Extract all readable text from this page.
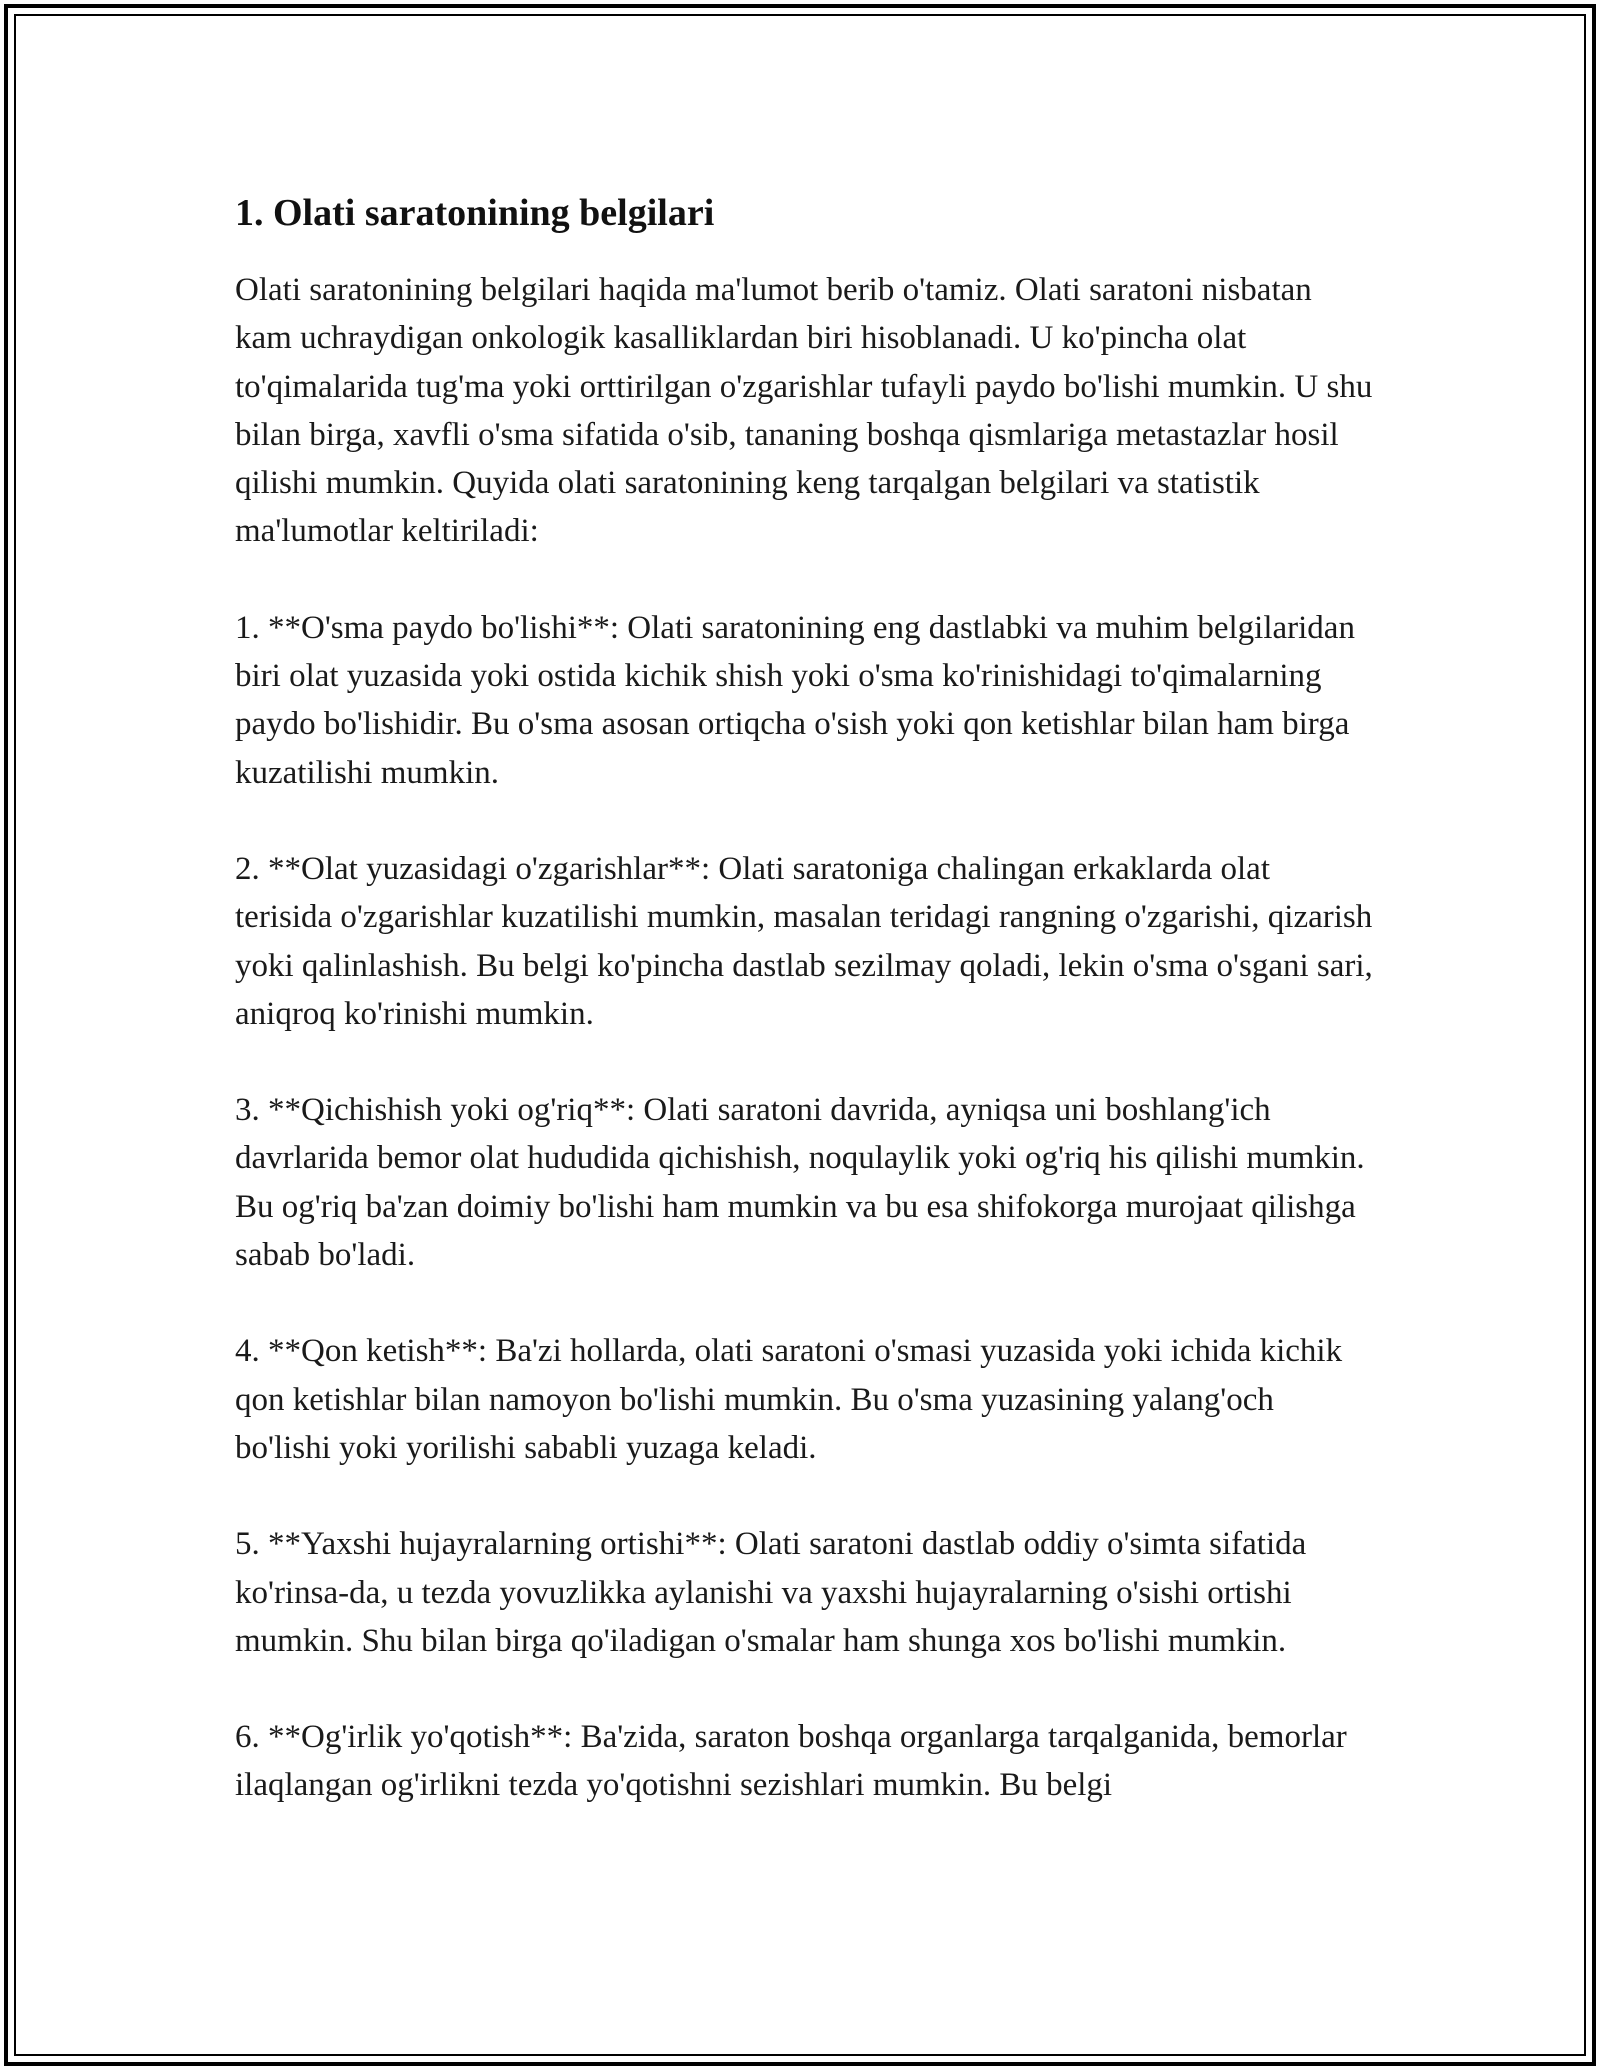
1. Olati saratonining belgilari

Olati saratonining belgilari haqida ma'lumot berib o'tamiz. Olati saratoni nisbatan kam uchraydigan onkologik kasalliklardan biri hisoblanadi. U ko'pincha olat to'qimalarida tug'ma yoki orttirilgan o'zgarishlar tufayli paydo bo'lishi mumkin. U shu bilan birga, xavfli o'sma sifatida o'sib, tananing boshqa qismlariga metastazlar hosil qilishi mumkin. Quyida olati saratonining keng tarqalgan belgilari va statistik ma'lumotlar keltiriladi:

1. **O'sma paydo bo'lishi**: Olati saratonining eng dastlabki va muhim belgilaridan biri olat yuzasida yoki ostida kichik shish yoki o'sma ko'rinishidagi to'qimalarning paydo bo'lishidir. Bu o'sma asosan ortiqcha o'sish yoki qon ketishlar bilan ham birga kuzatilishi mumkin.

2. **Olat yuzasidagi o'zgarishlar**: Olati saratoniga chalingan erkaklarda olat terisida o'zgarishlar kuzatilishi mumkin, masalan teridagi rangning o'zgarishi, qizarish yoki qalinlashish. Bu belgi ko'pincha dastlab sezilmay qoladi, lekin o'sma o'sgani sari, aniqroq ko'rinishi mumkin.

3. **Qichishish yoki og'riq**: Olati saratoni davrida, ayniqsa uni boshlang'ich davrlarida bemor olat hududida qichishish, noqulaylik yoki og'riq his qilishi mumkin. Bu og'riq ba'zan doimiy bo'lishi ham mumkin va bu esa shifokorga murojaat qilishga sabab bo'ladi.

4. **Qon ketish**: Ba'zi hollarda, olati saratoni o'smasi yuzasida yoki ichida kichik qon ketishlar bilan namoyon bo'lishi mumkin. Bu o'sma yuzasining yalang'och bo'lishi yoki yorilishi sababli yuzaga keladi.

5. **Yaxshi hujayralarning ortishi**: Olati saratoni dastlab oddiy o'simta sifatida ko'rinsa-da, u tezda yovuzlikka aylanishi va yaxshi hujayralarning o'sishi ortishi mumkin. Shu bilan birga qo'iladigan o'smalar ham shunga xos bo'lishi mumkin.

6. **Og'irlik yo'qotish**: Ba'zida, saraton boshqa organlarga tarqalganida, bemorlar ilaqlangan og'irlikni tezda yo'qotishni sezishlari mumkin. Bu belgi
